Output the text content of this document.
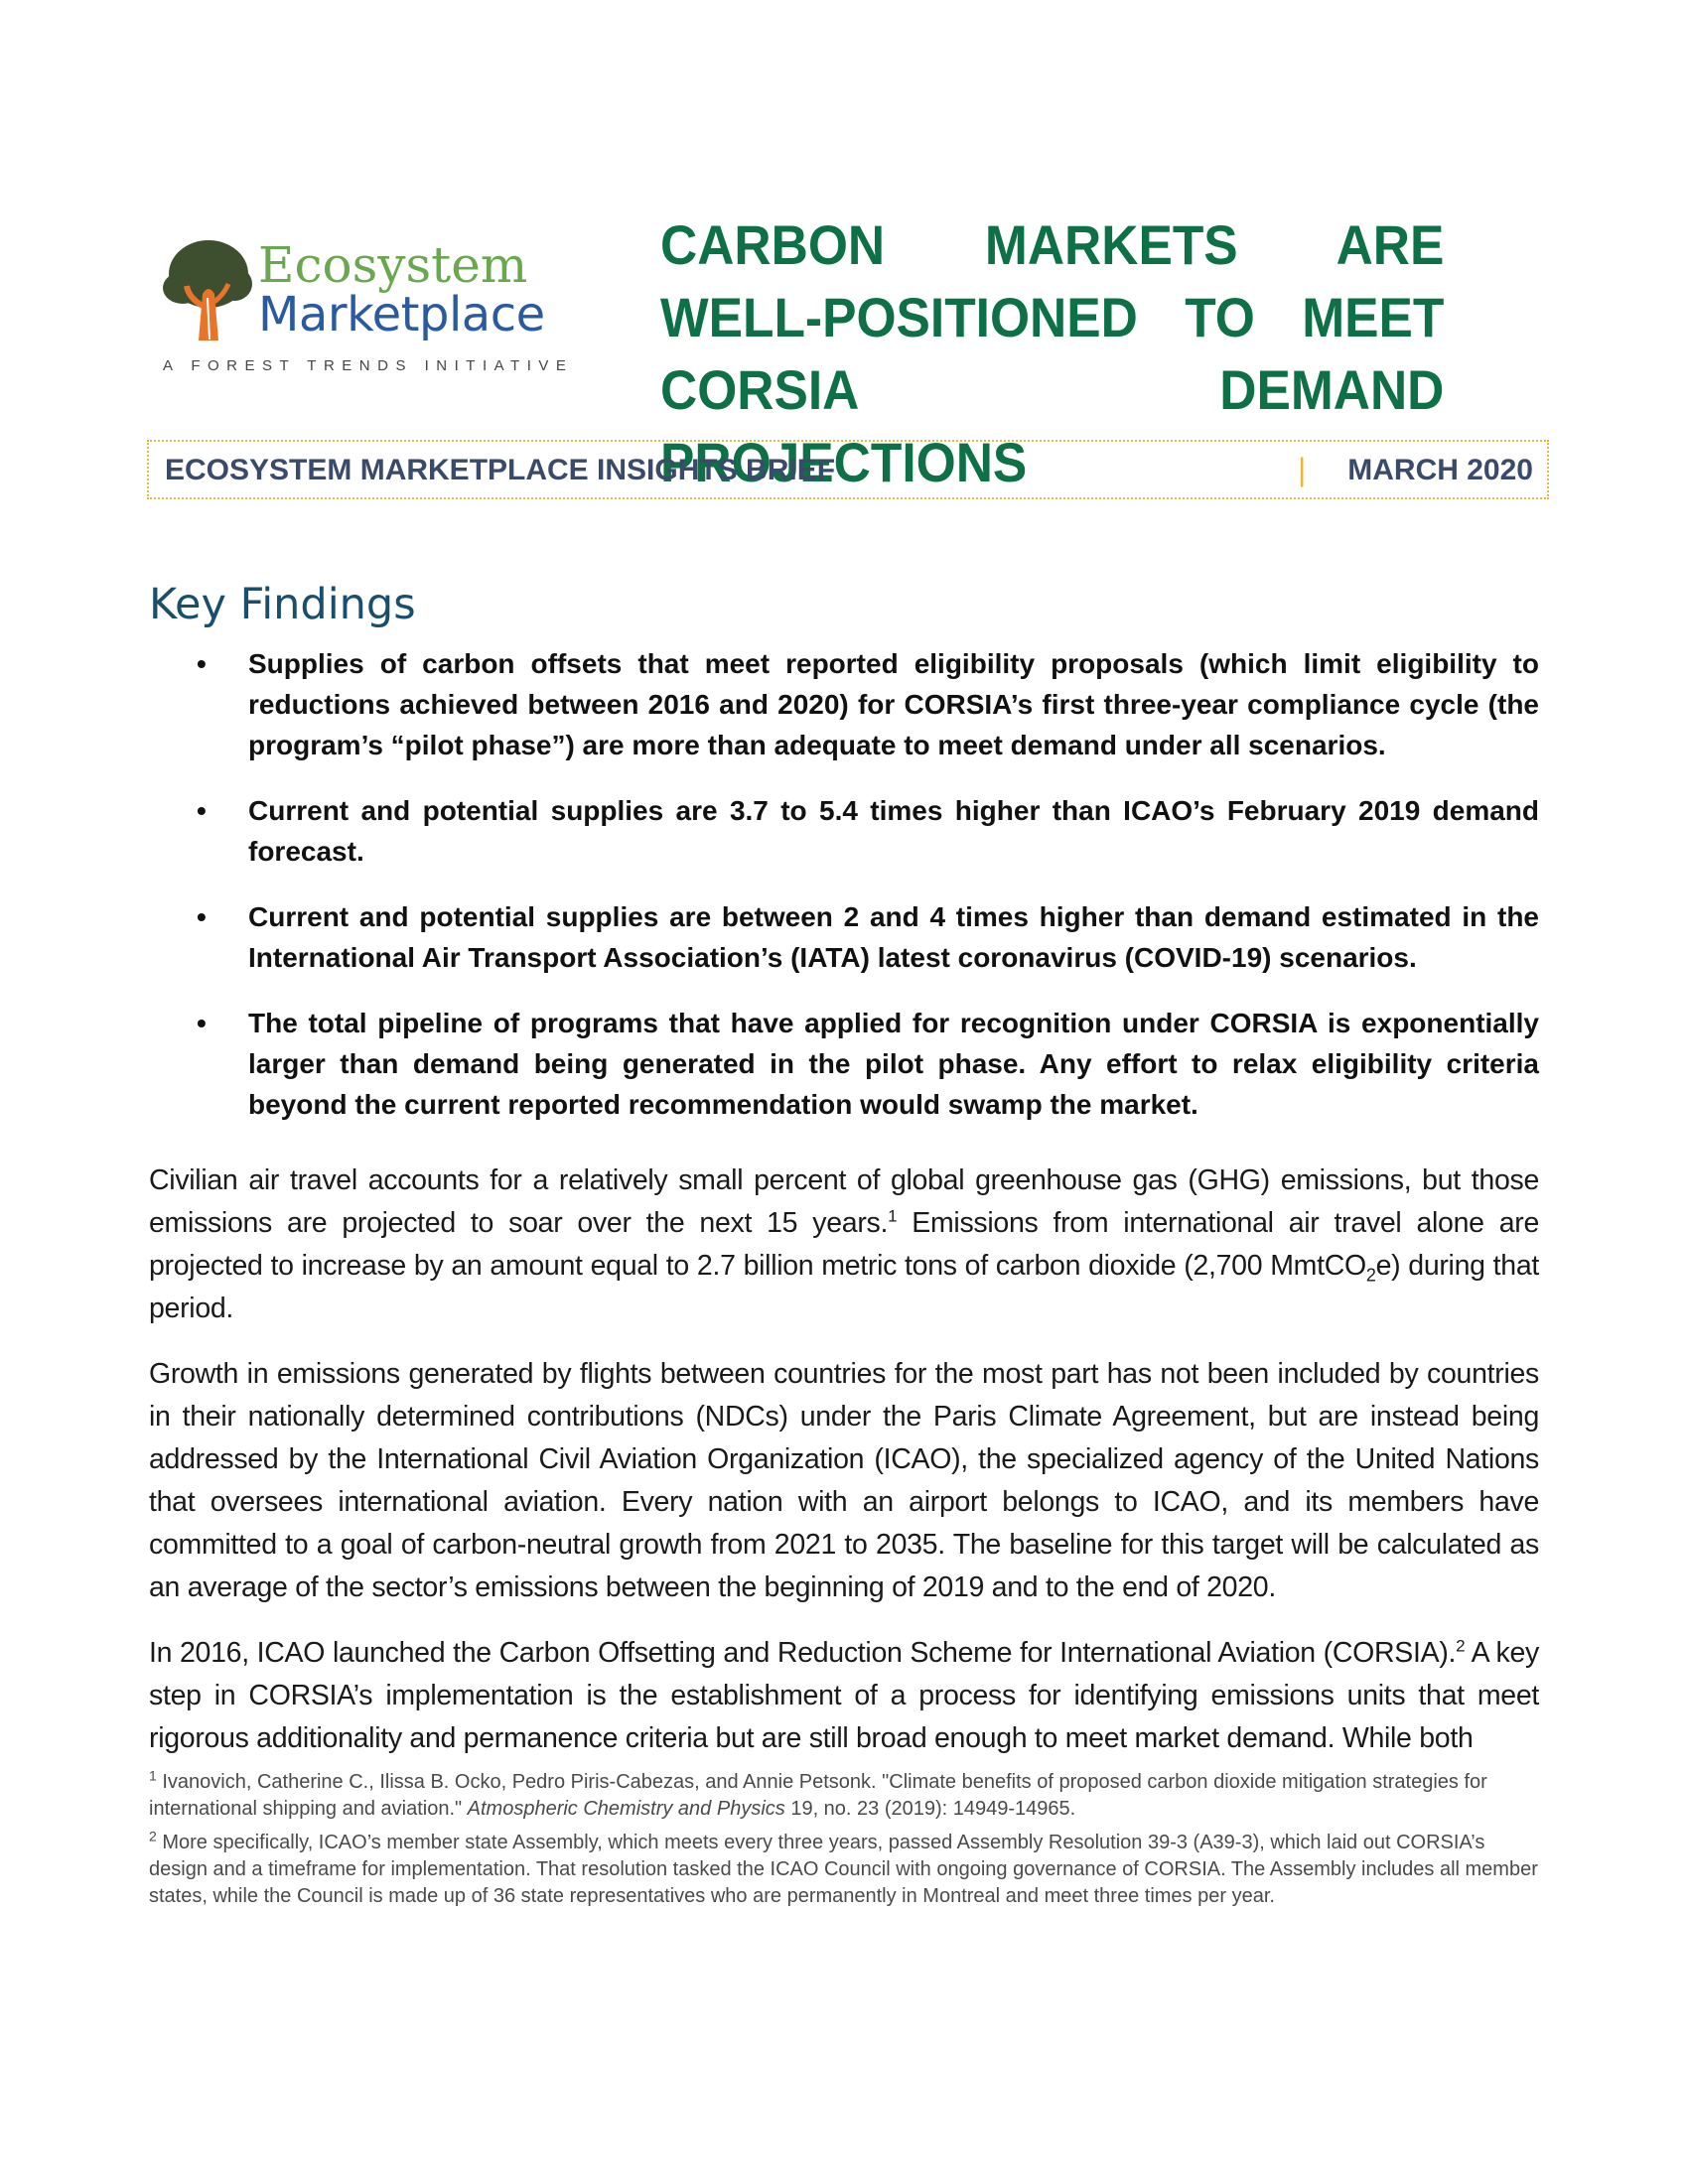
Ecosystem
Marketplace
A FOREST TRENDS INITIATIVE
CARBON MARKETS ARE WELL-POSITIONED TO MEET CORSIA DEMAND PROJECTIONS
ECOSYSTEM MARKETPLACE INSIGHTS BRIEF	| MARCH 2020
Key Findings
• Supplies of carbon offsets that meet reported eligibility proposals (which limit eligibility to reductions achieved between 2016 and 2020) for CORSIA’s first three-year compliance cycle (the program’s “pilot phase”) are more than adequate to meet demand under all scenarios.
• Current and potential supplies are 3.7 to 5.4 times higher than ICAO’s February 2019 demand forecast.
• Current and potential supplies are between 2 and 4 times higher than demand estimated in the International Air Transport Association’s (IATA) latest coronavirus (COVID-19) scenarios.
• The total pipeline of programs that have applied for recognition under CORSIA is exponentially larger than demand being generated in the pilot phase. Any effort to relax eligibility criteria beyond the current reported recommendation would swamp the market.

Civilian air travel accounts for a relatively small percent of global greenhouse gas (GHG) emissions, but those emissions are projected to soar over the next 15 years.$^1$ Emissions from international air travel alone are projected to increase by an amount equal to 2.7 billion metric tons of carbon dioxide (2,700 MmtCO$_2$e) during that period.

Growth in emissions generated by flights between countries for the most part has not been included by countries in their nationally determined contributions (NDCs) under the Paris Climate Agreement, but are instead being addressed by the International Civil Aviation Organization (ICAO), the specialized agency of the United Nations that oversees international aviation. Every nation with an airport belongs to ICAO, and its members have committed to a goal of carbon-neutral growth from 2021 to 2035. The baseline for this target will be calculated as an average of the sector’s emissions between the beginning of 2019 and to the end of 2020.

In 2016, ICAO launched the Carbon Offsetting and Reduction Scheme for International Aviation (CORSIA).$^2$ A key step in CORSIA’s implementation is the establishment of a process for identifying emissions units that meet rigorous additionality and permanence criteria but are still broad enough to meet market demand. While both

$^1$ Ivanovich, Catherine C., Ilissa B. Ocko, Pedro Piris-Cabezas, and Annie Petsonk. "Climate benefits of proposed carbon dioxide mitigation strategies for international shipping and aviation." Atmospheric Chemistry and Physics 19, no. 23 (2019): 14949-14965.

$^2$ More specifically, ICAO’s member state Assembly, which meets every three years, passed Assembly Resolution 39-3 (A39-3), which laid out CORSIA’s design and a timeframe for implementation. That resolution tasked the ICAO Council with ongoing governance of CORSIA. The Assembly includes all member states, while the Council is made up of 36 state representatives who are permanently in Montreal and meet three times per year.
